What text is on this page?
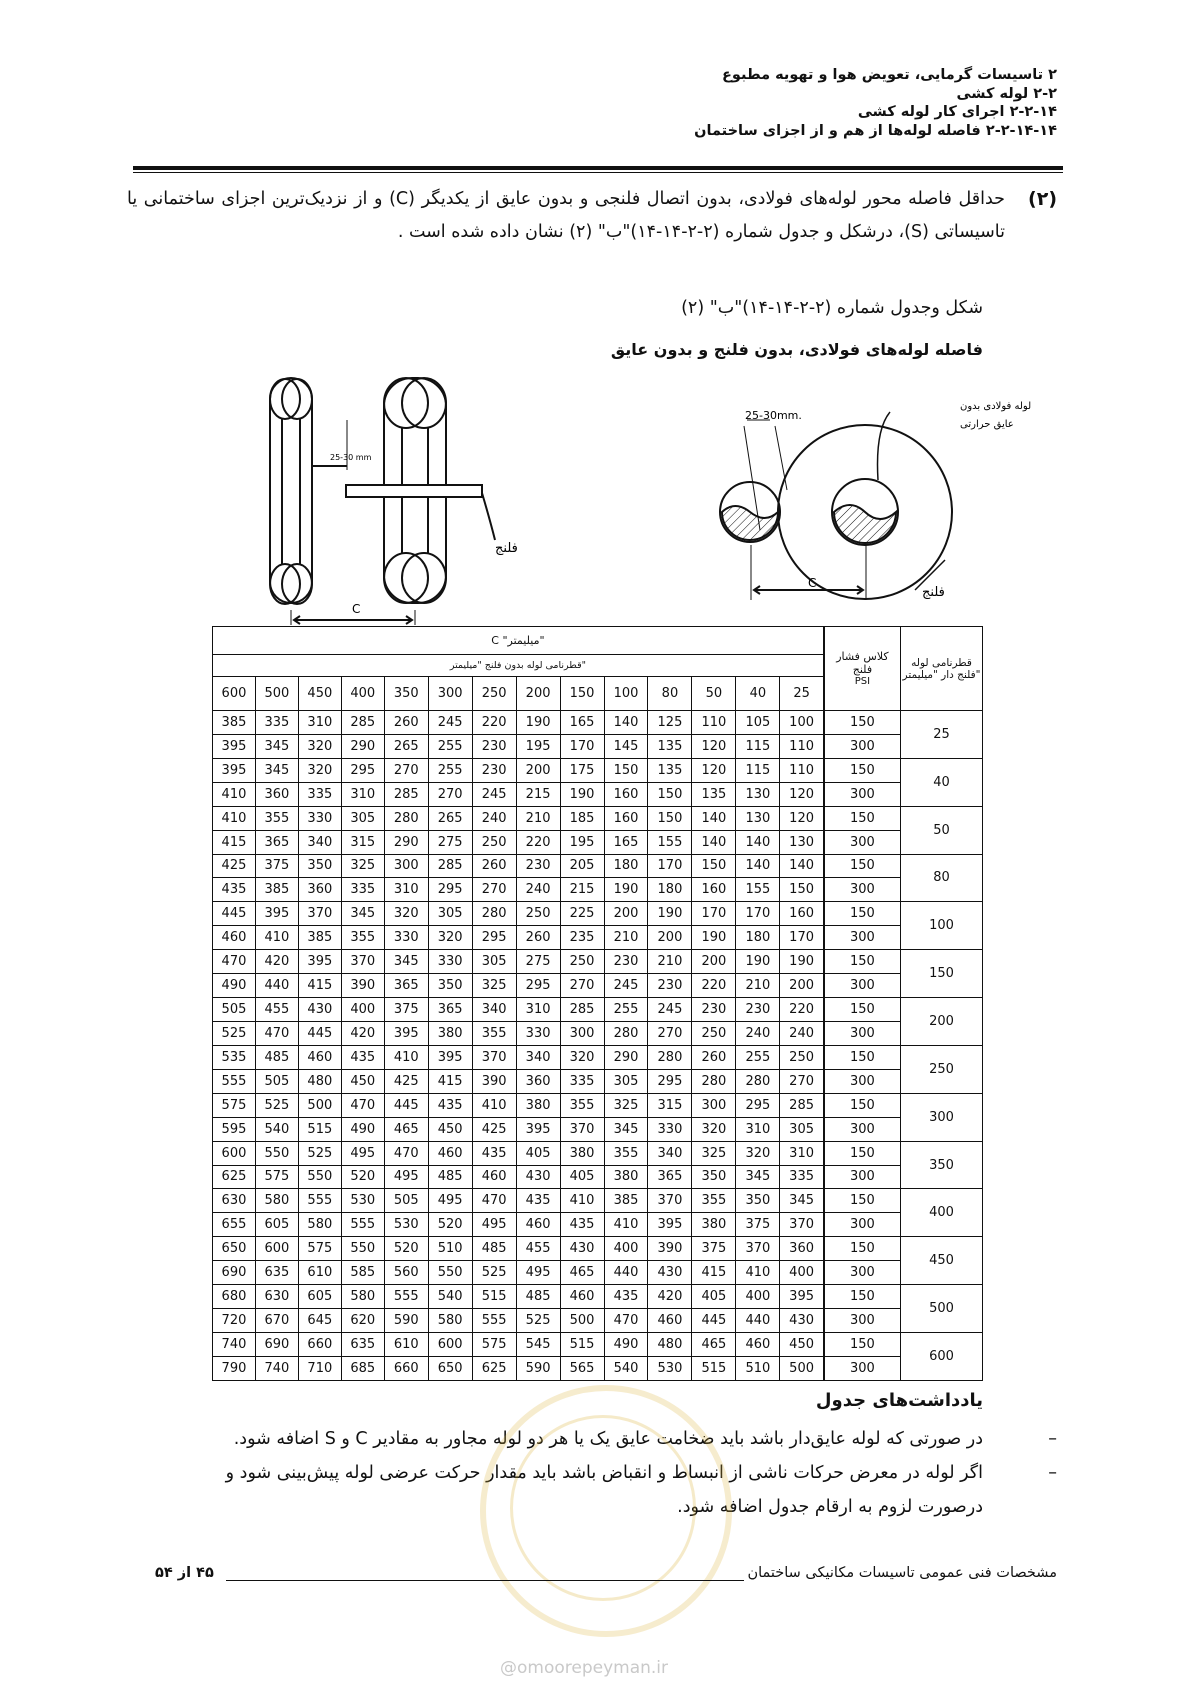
۲ تاسیسات گرمایی، تعویض هوا و تهویه مطبوع
۲-۲ لوله کشی
۲-۲-۱۴ اجرای کار لوله کشی
۲-۲-۱۴-۱۴ فاصله لوله‌ها از هم و از اجزای ساختمان
(۲)
حداقل فاصله محور لوله‌های فولادی، بدون اتصال فلنجی و بدون عایق از یکدیگر (C) و از نزدیک‌ترین اجزای ساختمانی یا تاسیساتی (S)، درشکل و جدول شماره (۲-۲-۱۴-۱۴)"ب" (۲) نشان داده شده است .
شکل وجدول شماره (۲-۲-۱۴-۱۴)"ب" (۲)
فاصله لوله‌های فولادی، بدون فلنج و بدون عایق
25-30 mm
C
فلنج
25-30mm.
C
فلنج
لوله فولادی بدون
عایق حرارتی
C "میلیمتر"														کلاس فشار فلنج
PSI	قطرنامی لوله فلنج دار "میلیمتر"
قطرنامی لوله بدون فلنج "میلیمتر"															
600	500	450	400	350	300	250	200	150	100	80	50	40	25		
385	335	310	285	260	245	220	190	165	140	125	110	105	100	150	25
395	345	320	290	265	255	230	195	170	145	135	120	115	110	300	
395	345	320	295	270	255	230	200	175	150	135	120	115	110	150	40
410	360	335	310	285	270	245	215	190	160	150	135	130	120	300	
410	355	330	305	280	265	240	210	185	160	150	140	130	120	150	50
415	365	340	315	290	275	250	220	195	165	155	140	140	130	300	
425	375	350	325	300	285	260	230	205	180	170	150	140	140	150	80
435	385	360	335	310	295	270	240	215	190	180	160	155	150	300	
445	395	370	345	320	305	280	250	225	200	190	170	170	160	150	100
460	410	385	355	330	320	295	260	235	210	200	190	180	170	300	
470	420	395	370	345	330	305	275	250	230	210	200	190	190	150	150
490	440	415	390	365	350	325	295	270	245	230	220	210	200	300	
505	455	430	400	375	365	340	310	285	255	245	230	230	220	150	200
525	470	445	420	395	380	355	330	300	280	270	250	240	240	300	
535	485	460	435	410	395	370	340	320	290	280	260	255	250	150	250
555	505	480	450	425	415	390	360	335	305	295	280	280	270	300	
575	525	500	470	445	435	410	380	355	325	315	300	295	285	150	300
595	540	515	490	465	450	425	395	370	345	330	320	310	305	300	
600	550	525	495	470	460	435	405	380	355	340	325	320	310	150	350
625	575	550	520	495	485	460	430	405	380	365	350	345	335	300	
630	580	555	530	505	495	470	435	410	385	370	355	350	345	150	400
655	605	580	555	530	520	495	460	435	410	395	380	375	370	300	
650	600	575	550	520	510	485	455	430	400	390	375	370	360	150	450
690	635	610	585	560	550	525	495	465	440	430	415	410	400	300	
680	630	605	580	555	540	515	485	460	435	420	405	400	395	150	500
720	670	645	620	590	580	555	525	500	470	460	445	440	430	300	
740	690	660	635	610	600	575	545	515	490	480	465	460	450	150	600
790	740	710	685	660	650	625	590	565	540	530	515	510	500	300	
یادداشت‌های جدول
–
در صورتی که لوله عایق‌دار باشد باید ضخامت عایق یک یا هر دو لوله مجاور به مقادیر C و S اضافه شود.
–
اگر لوله در معرض حرکات ناشی از انبساط و انقباض باشد باید مقدار حرکت عرضی لوله پیش‌بینی شود و درصورت لزوم به ارقام جدول اضافه شود.
مشخصات فنی عمومی تاسیسات مکانیکی ساختمان
۴۵ از ۵۴
@omoorepeyman.ir
